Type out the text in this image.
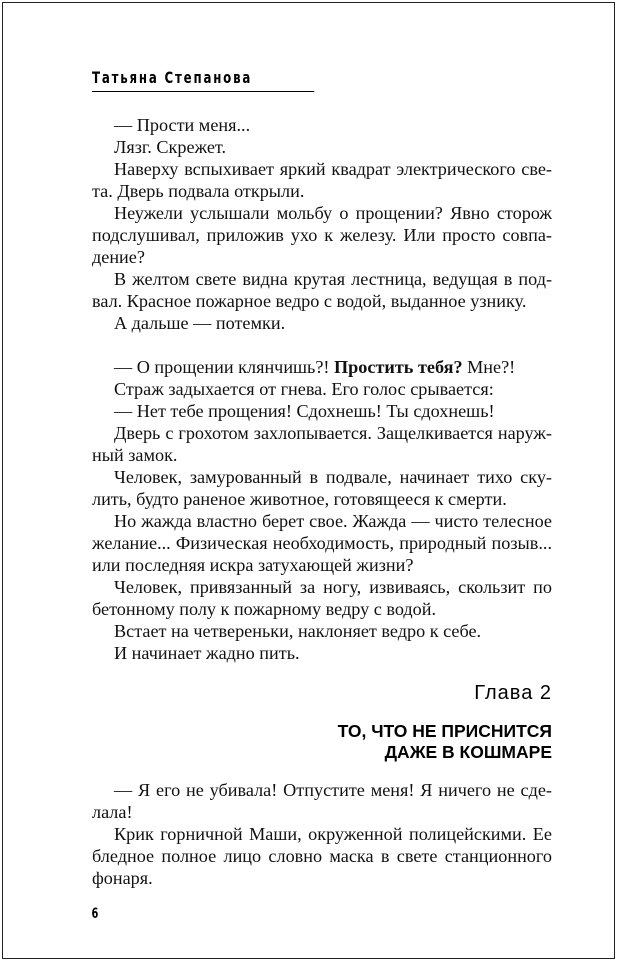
Татьяна Степанова
— Прости меня...
Лязг. Скрежет.
Наверху вспыхивает яркий квадрат электрического све-
та. Дверь подвала открыли.
Неужели услышали мольбу о прощении? Явно сторож
подслушивал, приложив ухо к железу. Или просто совпа-
дение?
В желтом свете видна крутая лестница, ведущая в под-
вал. Красное пожарное ведро с водой, выданное узнику.
А дальше — потемки.
— О прощении клянчишь?! Простить тебя? Мне?!
Страж задыхается от гнева. Его голос срывается:
— Нет тебе прощения! Сдохнешь! Ты сдохнешь!
Дверь с грохотом захлопывается. Защелкивается наруж-
ный замок.
Человек, замурованный в подвале, начинает тихо ску-
лить, будто раненое животное, готовящееся к смерти.
Но жажда властно берет свое. Жажда — чисто телесное
желание... Физическая необходимость, природный позыв...
или последняя искра затухающей жизни?
Человек, привязанный за ногу, извиваясь, скользит по
бетонному полу к пожарному ведру с водой.
Встает на четвереньки, наклоняет ведро к себе.
И начинает жадно пить.
Глава 2
ТО, ЧТО НЕ ПРИСНИТСЯ
ДАЖЕ В КОШМАРЕ
— Я его не убивала! Отпустите меня! Я ничего не сде-
лала!
Крик горничной Маши, окруженной полицейскими. Ее
бледное полное лицо словно маска в свете станционного
фонаря.
6
